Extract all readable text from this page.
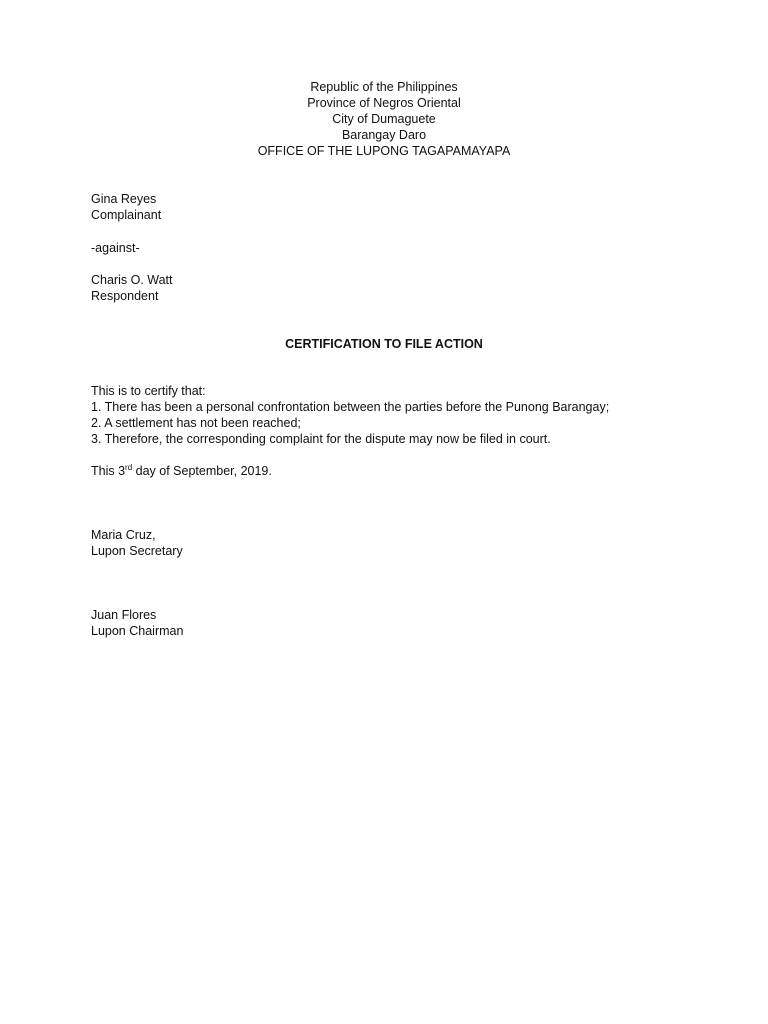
Republic of the Philippines
Province of Negros Oriental
City of Dumaguete
Barangay Daro
OFFICE OF THE LUPONG TAGAPAMAYAPA
Gina Reyes
Complainant
-against-
Charis O. Watt
Respondent
CERTIFICATION TO FILE ACTION
This is to certify that:
1. There has been a personal confrontation between the parties before the Punong Barangay;
2. A settlement has not been reached;
3. Therefore, the corresponding complaint for the dispute may now be filed in court.
This 3rd day of September, 2019.
Maria Cruz,
Lupon Secretary
Juan Flores
Lupon Chairman
